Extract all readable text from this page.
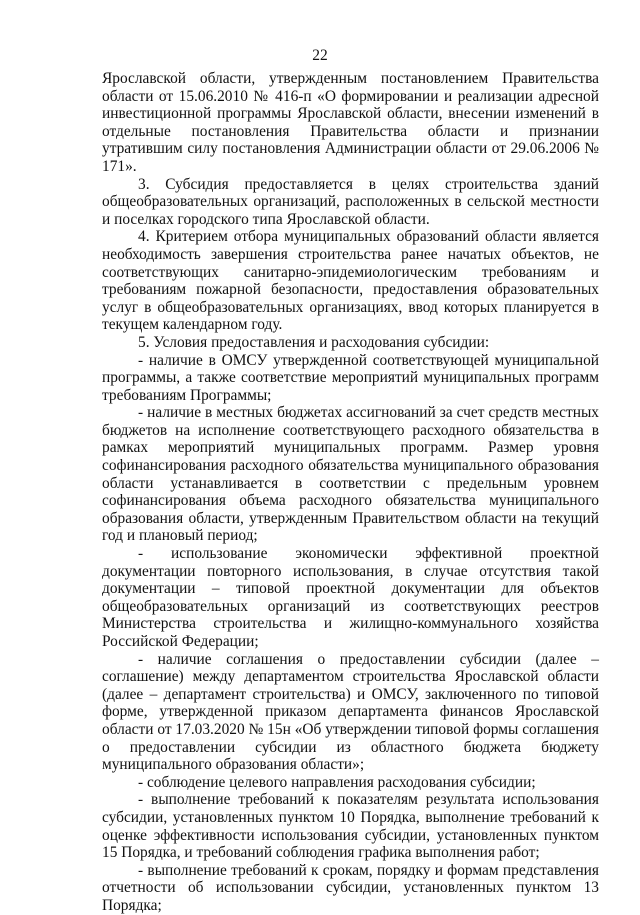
22

Ярославской области, утвержденным постановлением Правительства области от 15.06.2010 № 416-п «О формировании и реализации адресной инвестиционной программы Ярославской области, внесении изменений в отдельные постановления Правительства области и признании утратившим силу постановления Администрации области от 29.06.2006 № 171».

3. Субсидия предоставляется в целях строительства зданий общеобразовательных организаций, расположенных в сельской местности и поселках городского типа Ярославской области.

4. Критерием отбора муниципальных образований области является необходимость завершения строительства ранее начатых объектов, не соответствующих санитарно-эпидемиологическим требованиям и требованиям пожарной безопасности, предоставления образовательных услуг в общеобразовательных организациях, ввод которых планируется в текущем календарном году.

5. Условия предоставления и расходования субсидии:

- наличие в ОМСУ утвержденной соответствующей муниципальной программы, а также соответствие мероприятий муниципальных программ требованиям Программы;

- наличие в местных бюджетах ассигнований за счет средств местных бюджетов на исполнение соответствующего расходного обязательства в рамках мероприятий муниципальных программ. Размер уровня софинансирования расходного обязательства муниципального образования области устанавливается в соответствии с предельным уровнем софинансирования объема расходного обязательства муниципального образования области, утвержденным Правительством области на текущий год и плановый период;

- использование экономически эффективной проектной документации повторного использования, в случае отсутствия такой документации – типовой проектной документации для объектов общеобразовательных организаций из соответствующих реестров Министерства строительства и жилищно-коммунального хозяйства Российской Федерации;

- наличие соглашения о предоставлении субсидии (далее – соглашение) между департаментом строительства Ярославской области (далее – департамент строительства) и ОМСУ, заключенного по типовой форме, утвержденной приказом департамента финансов Ярославской области от 17.03.2020 № 15н «Об утверждении типовой формы соглашения о предоставлении субсидии из областного бюджета бюджету муниципального образования области»;

- соблюдение целевого направления расходования субсидии;

- выполнение требований к показателям результата использования субсидии, установленных пунктом 10 Порядка, выполнение требований к оценке эффективности использования субсидии, установленных пунктом 15 Порядка, и требований соблюдения графика выполнения работ;

- выполнение требований к срокам, порядку и формам представления отчетности об использовании субсидии, установленных пунктом 13 Порядка;
